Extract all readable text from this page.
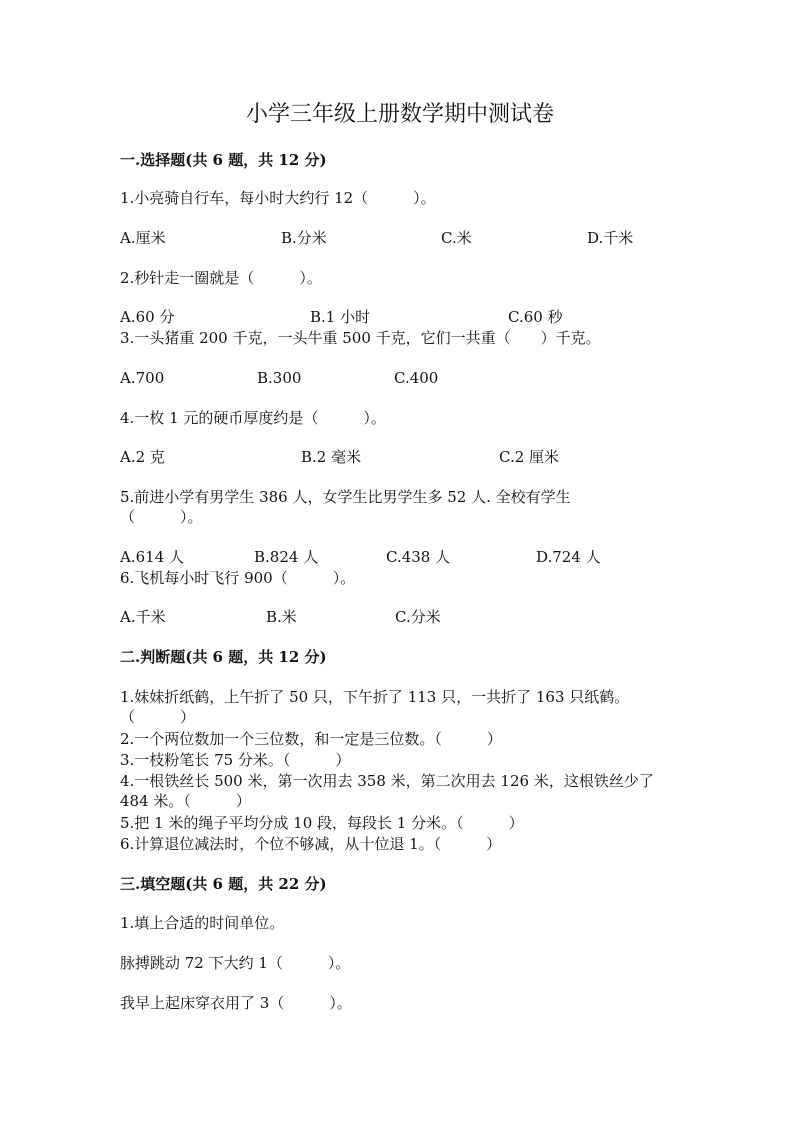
小学三年级上册数学期中测试卷
一.选择题(共 6 题，共 12 分)
1.小亮骑自行车，每小时大约行 12（　　　）。
A.厘米	B.分米	C.米	D.千米
2.秒针走一圈就是（　　　）。
A.60 分	B.1 小时	C.60 秒
3.一头猪重 200 千克，一头牛重 500 千克，它们一共重（　　）千克。
A.700	B.300	C.400
4.一枚 1 元的硬币厚度约是（　　　）。
A.2 克	B.2 毫米	C.2 厘米
5.前进小学有男学生 386 人，女学生比男学生多 52 人. 全校有学生
（　　　）。
A.614 人	B.824 人	C.438 人	D.724 人
6.飞机每小时飞行 900（　　　）。
A.千米	B.米	C.分米
二.判断题(共 6 题，共 12 分)
1.妹妹折纸鹤，上午折了 50 只，下午折了 113 只，一共折了 163 只纸鹤。
（　　　）
2.一个两位数加一个三位数，和一定是三位数。（　　　）
3.一枝粉笔长 75 分米。（　　　）
4.一根铁丝长 500 米，第一次用去 358 米，第二次用去 126 米，这根铁丝少了
484 米。（　　　）
5.把 1 米的绳子平均分成 10 段，每段长 1 分米。（　　　）
6.计算退位减法时，个位不够减，从十位退 1。（　　　）
三.填空题(共 6 题，共 22 分)
1.填上合适的时间单位。
脉搏跳动 72 下大约 1（　　　）。
我早上起床穿衣用了 3（　　　）。
